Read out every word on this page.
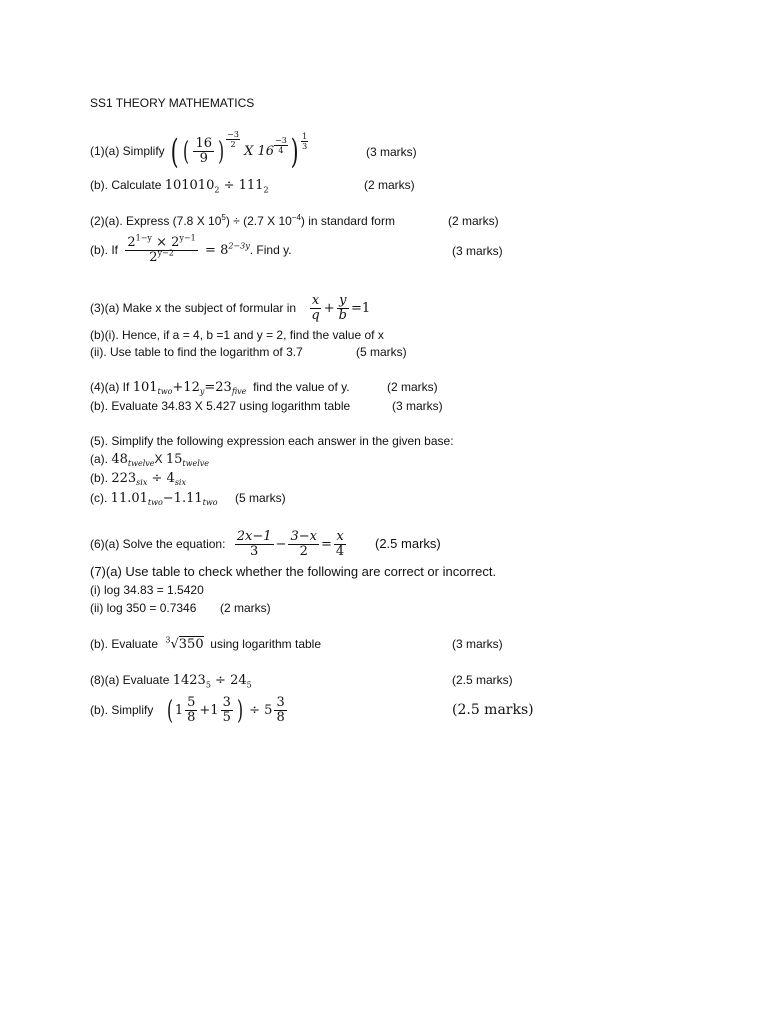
SS1 THEORY MATHEMATICS
(1)(a) Simplify ( ( $\frac{16}{9}$ ) $\frac{-3}{2}$
X $16 \frac{-3}{4}$ ) $\frac{1}{3}$
(3 marks)
(b). Calculate $101010_2 \div 111_2$	(2 marks)
(2)(a). Express (7.8 X $10^5) \div (2.7$ X $10^{-4}$) in standard form	(2 marks)
(b). If $\frac{2^{1-y} \times 2^{y-1}}{2^{y-2}} = 8^{2-3y}$. Find y.	(3 marks)
(3)(a) Make x the subject of formular in $\frac{x}{q} + \frac{y}{b} =1$
(b)(i). Hence, if a = 4, b =1 and y = 2, find the value of x
(ii). Use table to find the logarithm of 3.7	(5 marks)
(4)(a) If $101_{two}+12_y=23_{five}$ find the value of y.	(2 marks)
(b). Evaluate 34.83 X 5.427 using logarithm table	(3 marks)
(5). Simplify the following expression each answer in the given base:
(a). $48_{twelve}X$ $15_{twelve}$
(b). $223_{six} \div 4_{six}$
(c). $11.01_{two}-1.11_{two}$ (5 marks)
(6)(a) Solve the equation: $\frac{2x-1}{3} - \frac{3-x}{2} = \frac{x}{4} (2.5$ marks)
(7)(a) Use table to check whether the following are correct or incorrect.
(i) log 34.83 = 1.5420
(ii) log 350 = 0.7346 (2 marks)
(b). Evaluate $^3$√350 using logarithm table	(3 marks)
(8)(a) Evaluate $1423_5 \div 24_5$	(2.5 marks)
(b). Simplify ( $1 \frac{5}{8} +1 \frac{3}{5}$ ) ÷ $5 \frac{3}{8}$	(2.5 marks)
